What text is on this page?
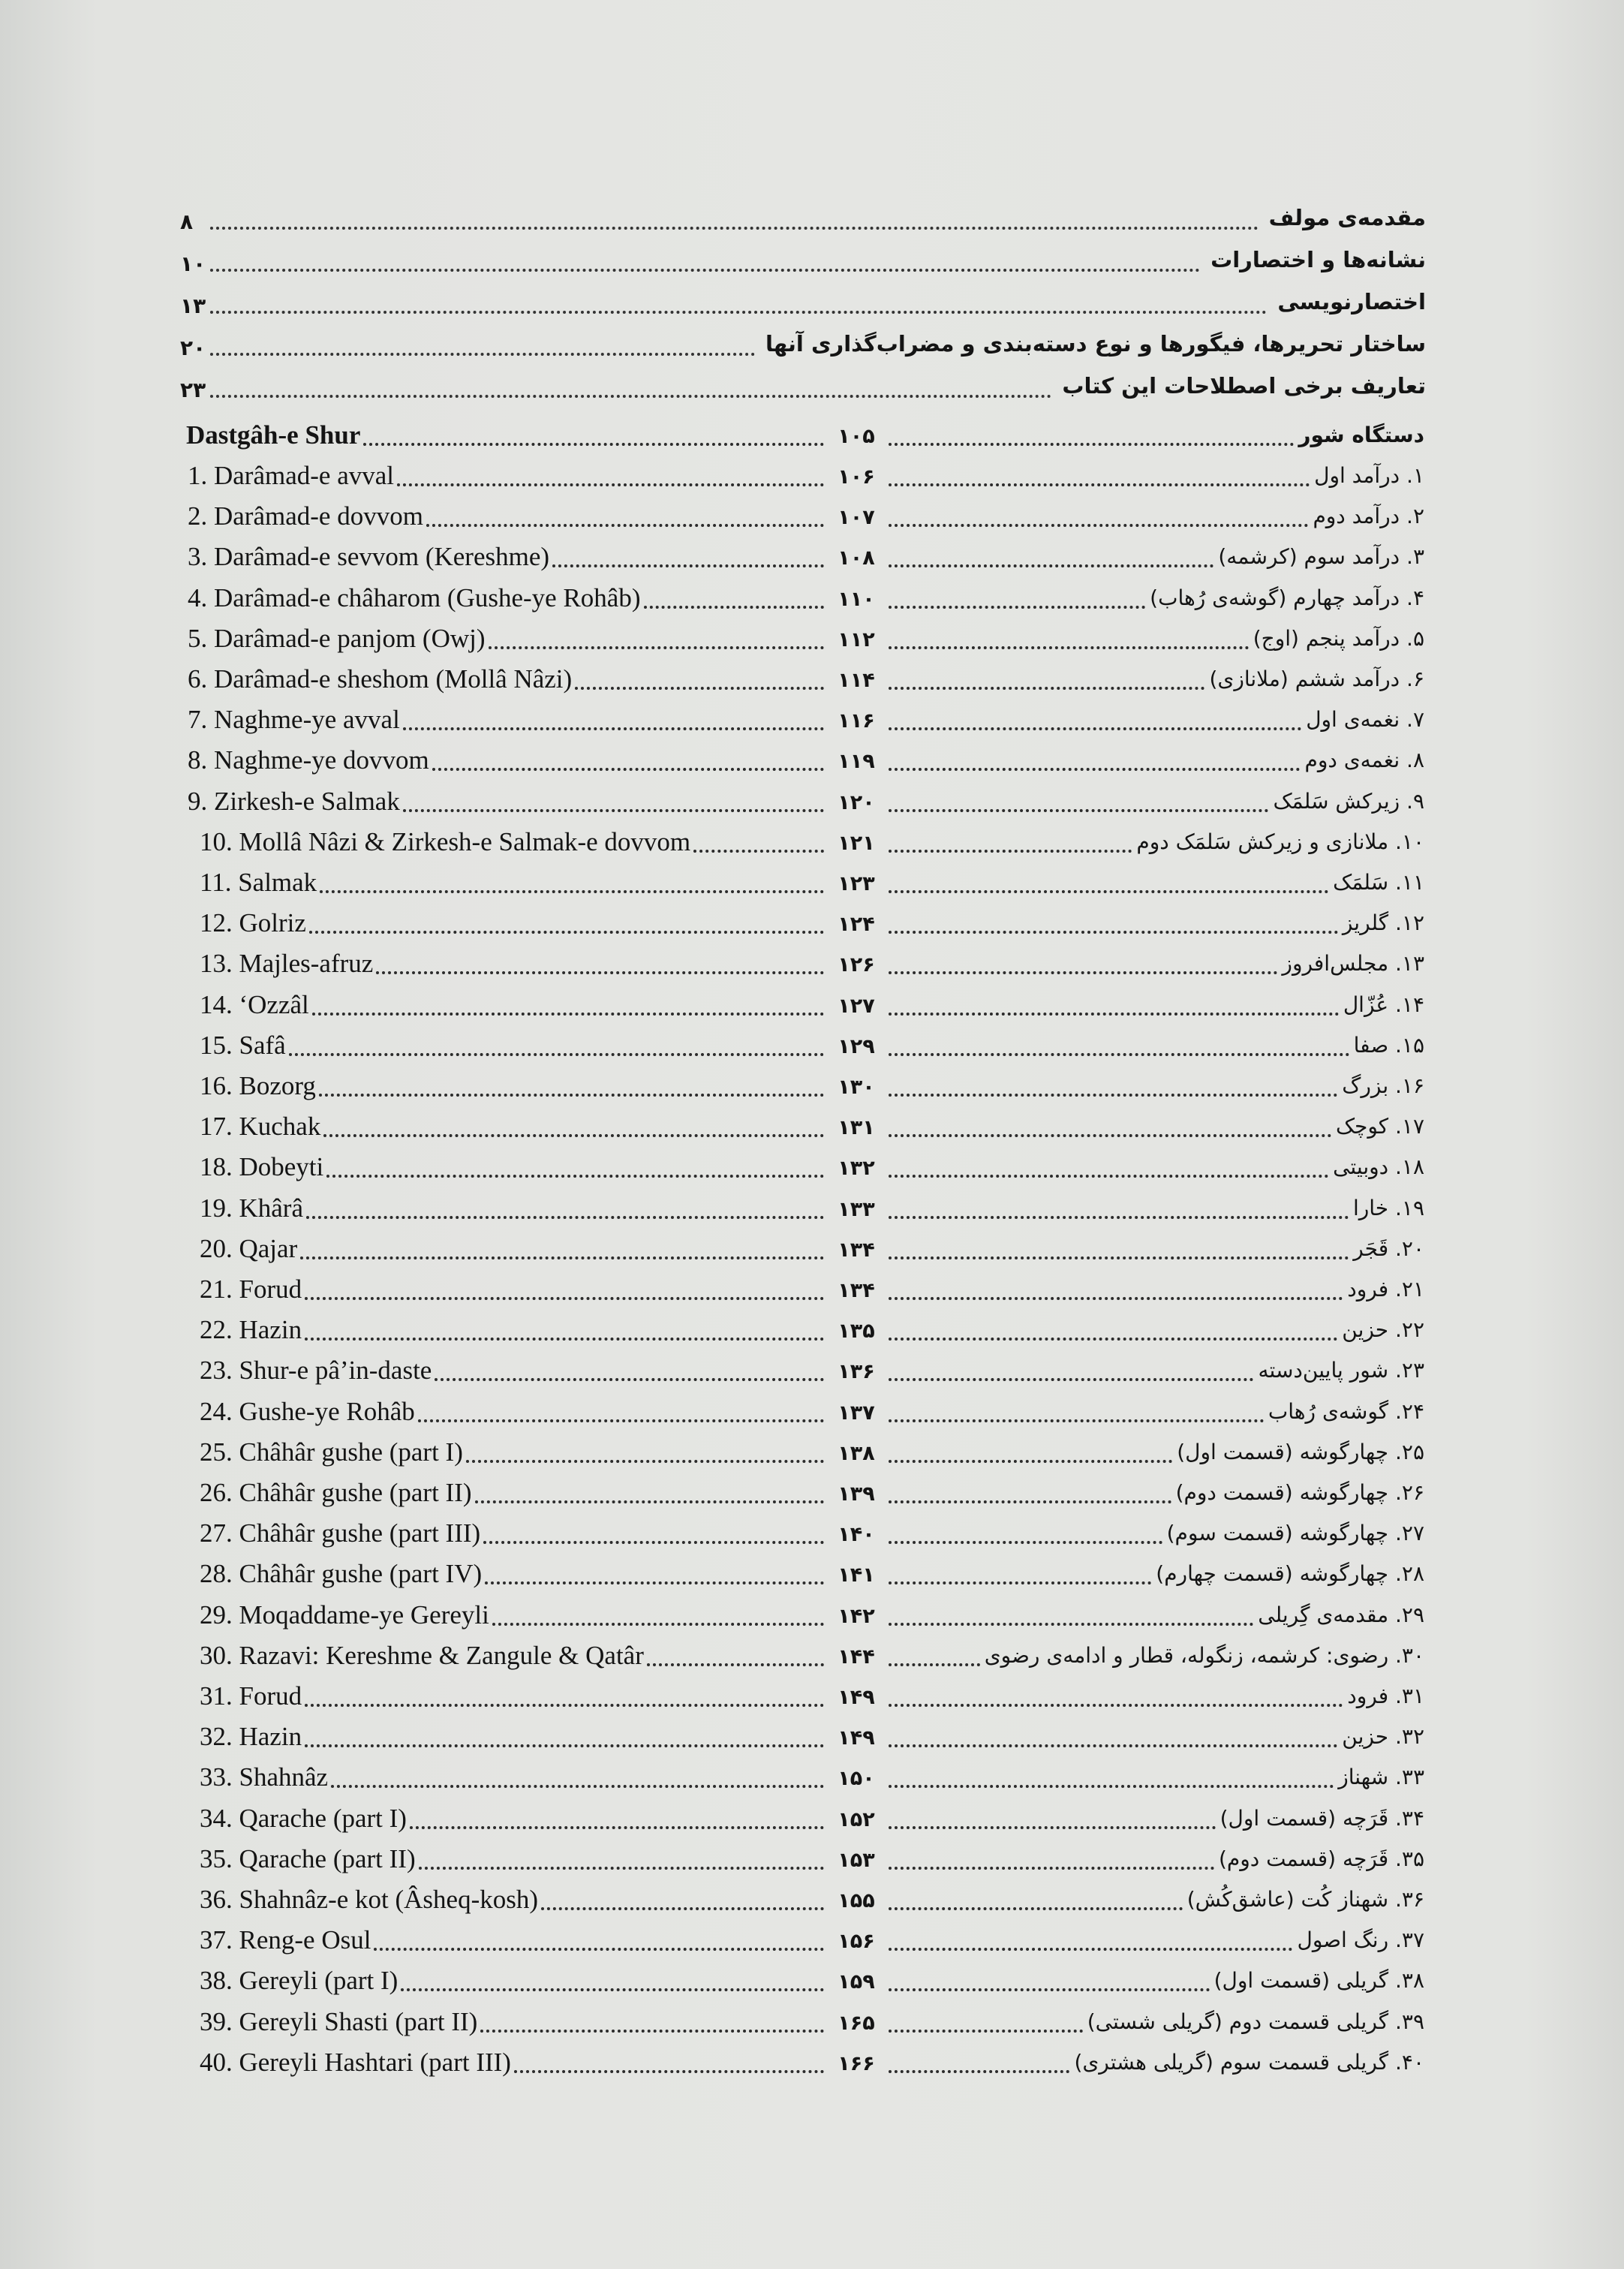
۸	مقدمه‌ی مولف
۱۰	نشانه‌ها و اختصارات
۱۳	اختصارنویسی
۲۰	ساختار تحریرها، فیگورها و نوع دسته‌بندی و مضراب‌گذاری آنها
۲۳	تعاریف برخی اصطلاحات این کتاب
Dastgâh-e Shur	۱۰۵	دستگاه شور
1. Darâmad-e avval	۱۰۶	۱. درآمد اول
2. Darâmad-e dovvom	۱۰۷	۲. درآمد دوم
3. Darâmad-e sevvom (Kereshme)	۱۰۸	۳. درآمد سوم (کرشمه)
4. Darâmad-e châharom (Gushe-ye Rohâb)	۱۱۰	۴. درآمد چهارم (گوشه‌ی رُهاب)
5. Darâmad-e panjom (Owj)	۱۱۲	۵. درآمد پنجم (اوج)
6. Darâmad-e sheshom (Mollâ Nâzi)	۱۱۴	۶. درآمد ششم (ملانازی)
7. Naghme-ye avval	۱۱۶	۷. نغمه‌ی اول
8. Naghme-ye dovvom	۱۱۹	۸. نغمه‌ی دوم
9. Zirkesh-e Salmak	۱۲۰	۹. زیرکش سَلمَک
10. Mollâ Nâzi & Zirkesh-e Salmak-e dovvom	۱۲۱	۱۰. ملانازی و زیرکش سَلمَک دوم
11. Salmak	۱۲۳	۱۱. سَلمَک
12. Golriz	۱۲۴	۱۲. گلریز
13. Majles-afruz	۱۲۶	۱۳. مجلس‌افروز
14. ‘Ozzâl	۱۲۷	۱۴. عُزّال
15. Safâ	۱۲۹	۱۵. صفا
16. Bozorg	۱۳۰	۱۶. بزرگ
17. Kuchak	۱۳۱	۱۷. کوچک
18. Dobeyti	۱۳۲	۱۸. دوبیتی
19. Khârâ	۱۳۳	۱۹. خارا
20. Qajar	۱۳۴	۲۰. قَجَر
21. Forud	۱۳۴	۲۱. فرود
22. Hazin	۱۳۵	۲۲. حزین
23. Shur-e pâ’in-daste	۱۳۶	۲۳. شور پایین‌دسته
24. Gushe-ye Rohâb	۱۳۷	۲۴. گوشه‌ی رُهاب
25. Châhâr gushe (part I)	۱۳۸	۲۵. چهارگوشه (قسمت اول)
26. Châhâr gushe (part II)	۱۳۹	۲۶. چهارگوشه (قسمت دوم)
27. Châhâr gushe (part III)	۱۴۰	۲۷. چهارگوشه (قسمت سوم)
28. Châhâr gushe (part IV)	۱۴۱	۲۸. چهارگوشه (قسمت چهارم)
29. Moqaddame-ye Gereyli	۱۴۲	۲۹. مقدمه‌ی گِریلی
30. Razavi: Kereshme & Zangule & Qatâr	۱۴۴	۳۰. رضوی: کرشمه، زنگوله، قطار و ادامه‌ی رضوی
31. Forud	۱۴۹	۳۱. فرود
32. Hazin	۱۴۹	۳۲. حزین
33. Shahnâz	۱۵۰	۳۳. شهناز
34. Qarache (part I)	۱۵۲	۳۴. قَرَچه (قسمت اول)
35. Qarache (part II)	۱۵۳	۳۵. قَرَچه (قسمت دوم)
36. Shahnâz-e kot (Âsheq-kosh)	۱۵۵	۳۶. شهناز کُت (عاشق‌کُش)
37. Reng-e Osul	۱۵۶	۳۷. رنگ اصول
38. Gereyli (part I)	۱۵۹	۳۸. گریلی (قسمت اول)
39. Gereyli Shasti (part II)	۱۶۵	۳۹. گریلی قسمت دوم (گریلی شستی)
40. Gereyli Hashtari (part III)	۱۶۶	۴۰. گریلی قسمت سوم (گریلی هشتری)
